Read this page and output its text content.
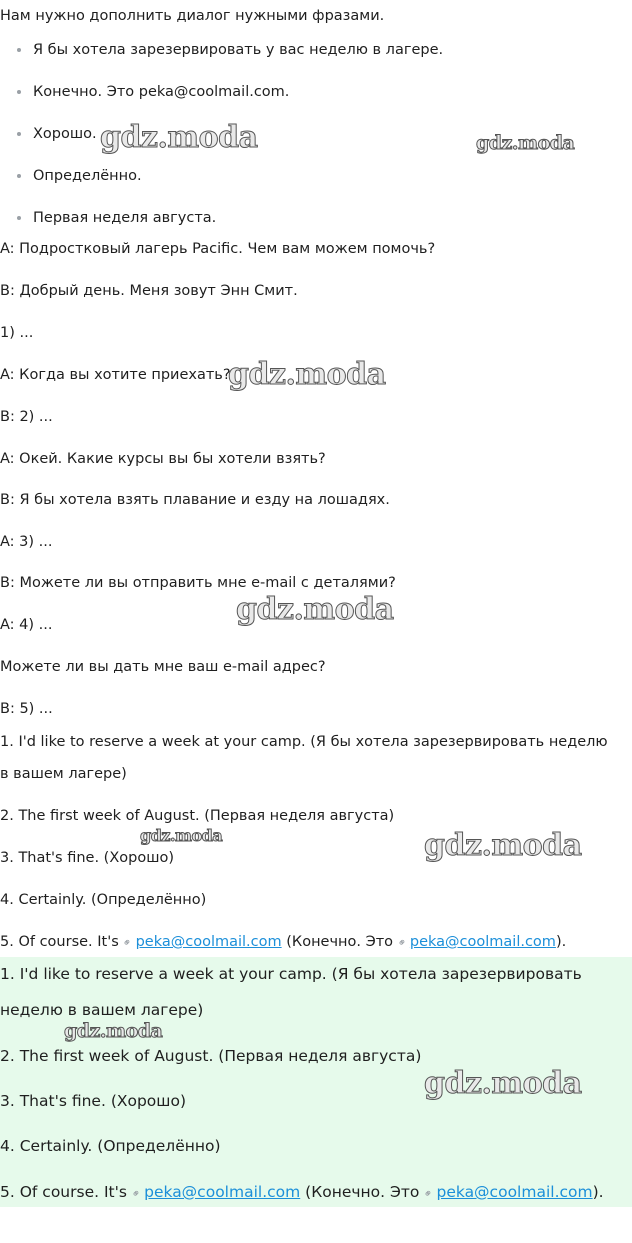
Нам нужно дополнить диалог нужными фразами.
Я бы хотела зарезервировать у вас неделю в лагере.
Конечно. Это peka@coolmail.com.
Хорошо.
Определённо.
Первая неделя августа.
A: Подростковый лагерь Pacific. Чем вам можем помочь?
B: Добрый день. Меня зовут Энн Смит.
1) ...
A: Когда вы хотите приехать?
B: 2) ...
A: Окей. Какие курсы вы бы хотели взять?
B: Я бы хотела взять плавание и езду на лошадях.
A: 3) ...
B: Можете ли вы отправить мне e-mail с деталями?
A: 4) ...
Можете ли вы дать мне ваш e-mail адрес?
B: 5) ...
1. I'd like to reserve a week at your camp. (Я бы хотела зарезервировать неделю
в вашем лагере)
2. The first week of August. (Первая неделя августа)
3. That's fine. (Хорошо)
4. Certainly. (Определённо)
5. Of course. It's ⚭peka@coolmail.com (Конечно. Это ⚭peka@coolmail.com).
1. I'd like to reserve a week at your camp. (Я бы хотела зарезервировать
неделю в вашем лагере)
2. The first week of August. (Первая неделя августа)
3. That's fine. (Хорошо)
4. Certainly. (Определённо)
5. Of course. It's ⚭peka@coolmail.com (Конечно. Это ⚭peka@coolmail.com).
gdz.moda	gdz.moda
gdz.moda
gdz.moda
gdz.moda	gdz.moda
gdz.moda
gdz.moda
